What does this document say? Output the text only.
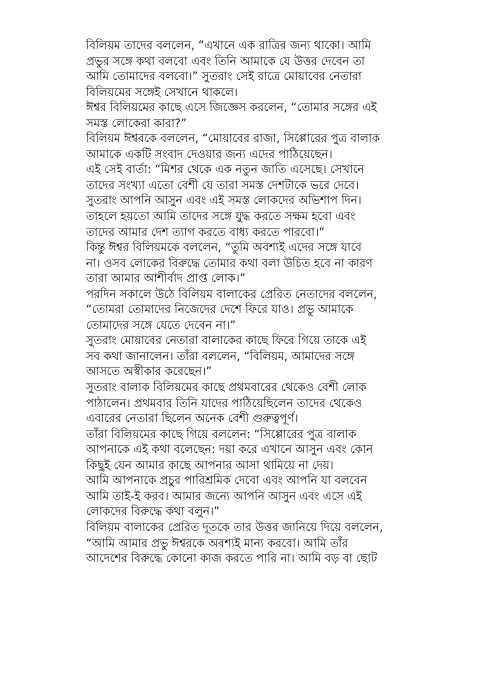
বিলিয়ম তাদের বললেন, “এখানে এক রাত্রির জন্য থাকো। আমি
প্রভুর সঙ্গে কথা বলবো এবং তিনি আমাকে যে উত্তর দেবেন তা
আমি তোমাদের বলবো।” সুতরাং সেই রাত্রে মোয়াবের নেতারা
বিলিয়মের সঙ্গেই সেখানে থাকলে।
ঈশ্বর বিলিয়মের কাছে এসে জিজ্ঞেস করলেন, “তোমার সঙ্গের এই
সমস্ত লোকেরা কারা?”
বিলিয়ম ঈশ্বরকে বললেন, “মোয়াবের রাজা, সিপ্পোরের পুত্র বালাক
আমাকে একটি সংবাদ দেওয়ার জন্য এদের পাঠিয়েছেন।
এই সেই বার্তা: “মিশর থেকে এক নতুন জাতি এসেছে। সেখানে
তাদের সংখ্যা এতো বেশী যে তারা সমস্ত দেশটাকে ভরে দেবে।
সুতরাং আপনি আসুন এবং এই সমস্ত লোকদের অভিশাপ দিন।
তাহলে হয়তো আমি তাদের সঙ্গে যুদ্ধ করতে সক্ষম হবো এবং
তাদের আমার দেশ ত্যাগ করতে বাধ্য করতে পারবো।”
কিন্তু ঈশ্বর বিলিয়মকে বললেন, “তুমি অবশ্যই এদের সঙ্গে যাবে
না। ওসব লোকের বিরুদ্ধে তোমার কথা বলা উচিত হবে না কারণ
তারা আমার আশীর্বাদ প্রাপ্ত লোক।”
পরদিন সকালে উঠে বিলিয়ম বালাকের প্রেরিত নেতাদের বললেন,
“তোমরা তোমাদের নিজেদের দেশে ফিরে যাও। প্রভু আমাকে
তোমাদের সঙ্গে যেতে দেবেন না।”
সুতরাং মোয়াবের নেতারা বালাকের কাছে ফিরে গিয়ে তাকে এই
সব কথা জানালেন। তাঁরা বললেন, “বিলিয়ম, আমাদের সঙ্গে
আসতে অস্বীকার করেছেন।”
সুতরাং বালাক বিলিয়মের কাছে প্রথমবারের থেকেও বেশী লোক
পাঠালেন। প্রথমবার তিনি যাদের পাঠিয়েছিলেন তাদের থেকেও
এবারের নেতারা ছিলেন অনেক বেশী গুরুত্বপূর্ণ।
তাঁরা বিলিয়মের কাছে গিয়ে বললেন: “সিপ্পোরের পুত্র বালাক
আপনাকে এই কথা বলেছেন: দয়া করে এখানে আসুন এবং কোন
কিছুই যেন আমার কাছে আপনার আসা থামিয়ে না দেয়।
আমি আপনাকে প্রচুর পারিশ্রমিক দেবো এবং আপনি যা বলবেন
আমি তাই-ই করব। আমার জন্যে আপনি আসুন এবং এসে এই
লোকদের বিরুদ্ধে কথা বলুন।”
বিলিয়ম বালাকের প্রেরিত দূতকে তার উত্তর জানিয়ে দিয়ে বললেন,
“আমি আমার প্রভু ঈশ্বরকে অবশ্যই মান্য করবো। আমি তাঁর
আদেশের বিরুদ্ধে কোনো কাজ করতে পারি না। আমি বড় বা ছোট
